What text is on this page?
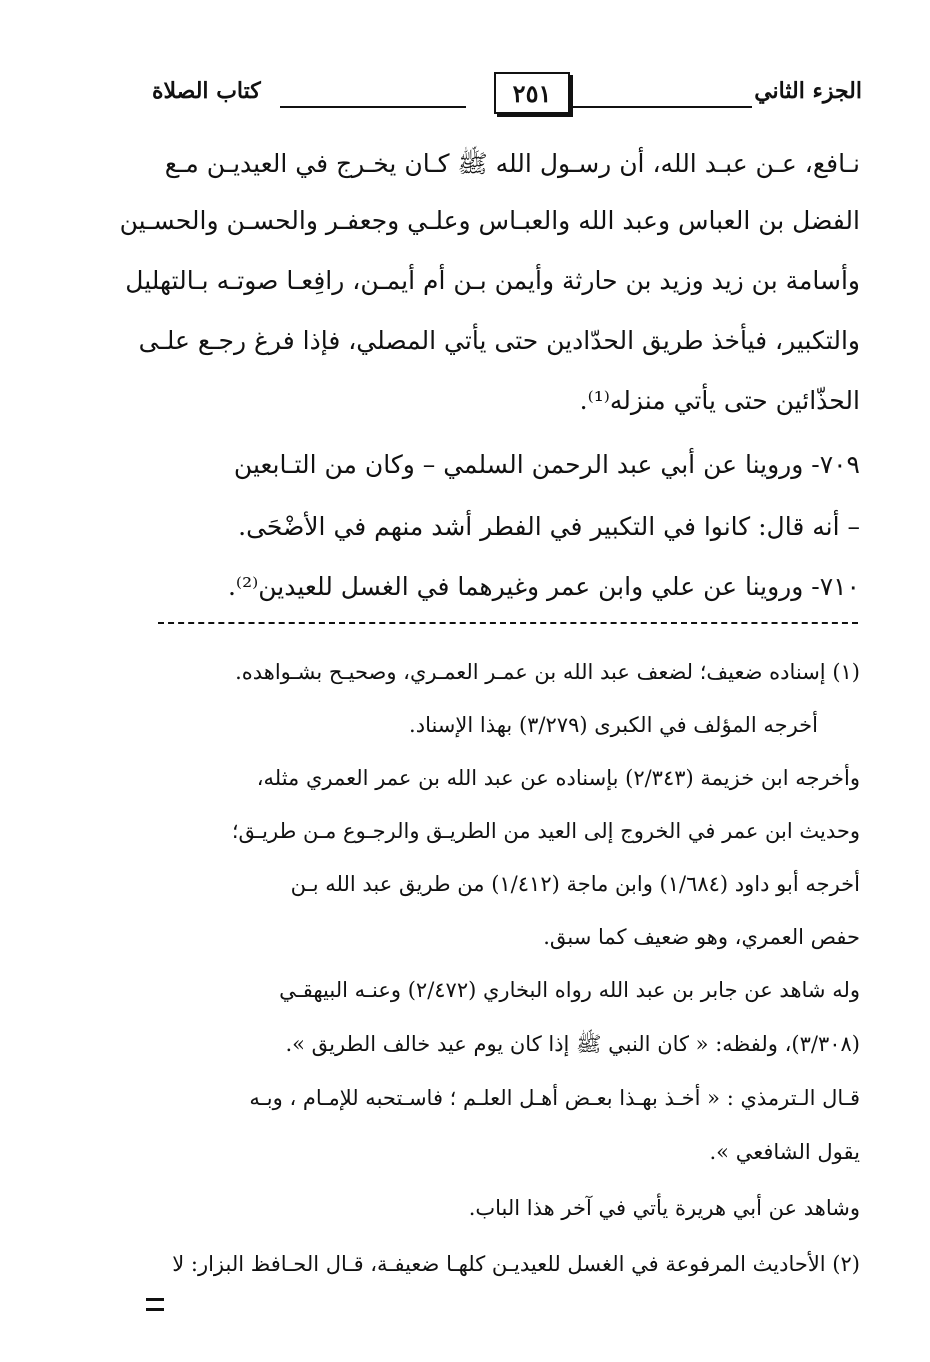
الجزء الثاني
٢٥١
كتاب الصلاة
نـافع، عـن عبـد الله، أن رسـول الله ﷺ كـان يخـرج في العيديـن مـع
الفضل بن العباس وعبد الله والعبـاس وعلـي وجعفـر والحسـن والحسـين
وأسامة بن زيد وزيد بن حارثة وأيمن بـن أم أيمـن، رافِعـا صوتـه بـالتهليل
والتكبير، فيأخذ طريق الحدّادين حتى يأتي المصلي، فإذا فرغ رجـع علـى
الحذّائين حتى يأتي منزله⁽¹⁾.
٧٠٩- وروينا عن أبي عبد الرحمن السلمي – وكان من التـابعين
– أنه قال: كانوا في التكبير في الفطر أشد منهم في الأضْحَى.
٧١٠- وروينا عن علي وابن عمر وغيرهما في الغسل للعيدين⁽²⁾.
(١) إسناده ضعيف؛ لضعف عبد الله بن عمـر العمـري، وصحيـح بشـواهده.
أخرجه المؤلف في الكبرى (٣/٢٧٩) بهذا الإسناد.
وأخرجه ابن خزيمة (٢/٣٤٣) بإسناده عن عبد الله بن عمر العمري مثله،
وحديث ابن عمر في الخروج إلى العيد من الطريـق والرجـوع مـن طريـق؛
أخرجه أبو داود (١/٦٨٤) وابن ماجة (١/٤١٢) من طريق عبد الله بـن
حفص العمري، وهو ضعيف كما سبق.
وله شاهد عن جابر بن عبد الله رواه البخاري (٢/٤٧٢) وعنـه البيهقـي
(٣/٣٠٨)، ولفظه: « كان النبي ﷺ إذا كان يوم عيد خالف الطريق ».
قـال الـترمذي : « أخـذ بهـذا بعـض أهـل العلـم ؛ فاسـتحبه للإمـام ، وبـه
يقول الشافعي ».
وشاهد عن أبي هريرة يأتي في آخر هذا الباب.
(٢) الأحاديث المرفوعة في الغسل للعيديـن كلهـا ضعيفـة، قـال الحـافظ البزار: لا
